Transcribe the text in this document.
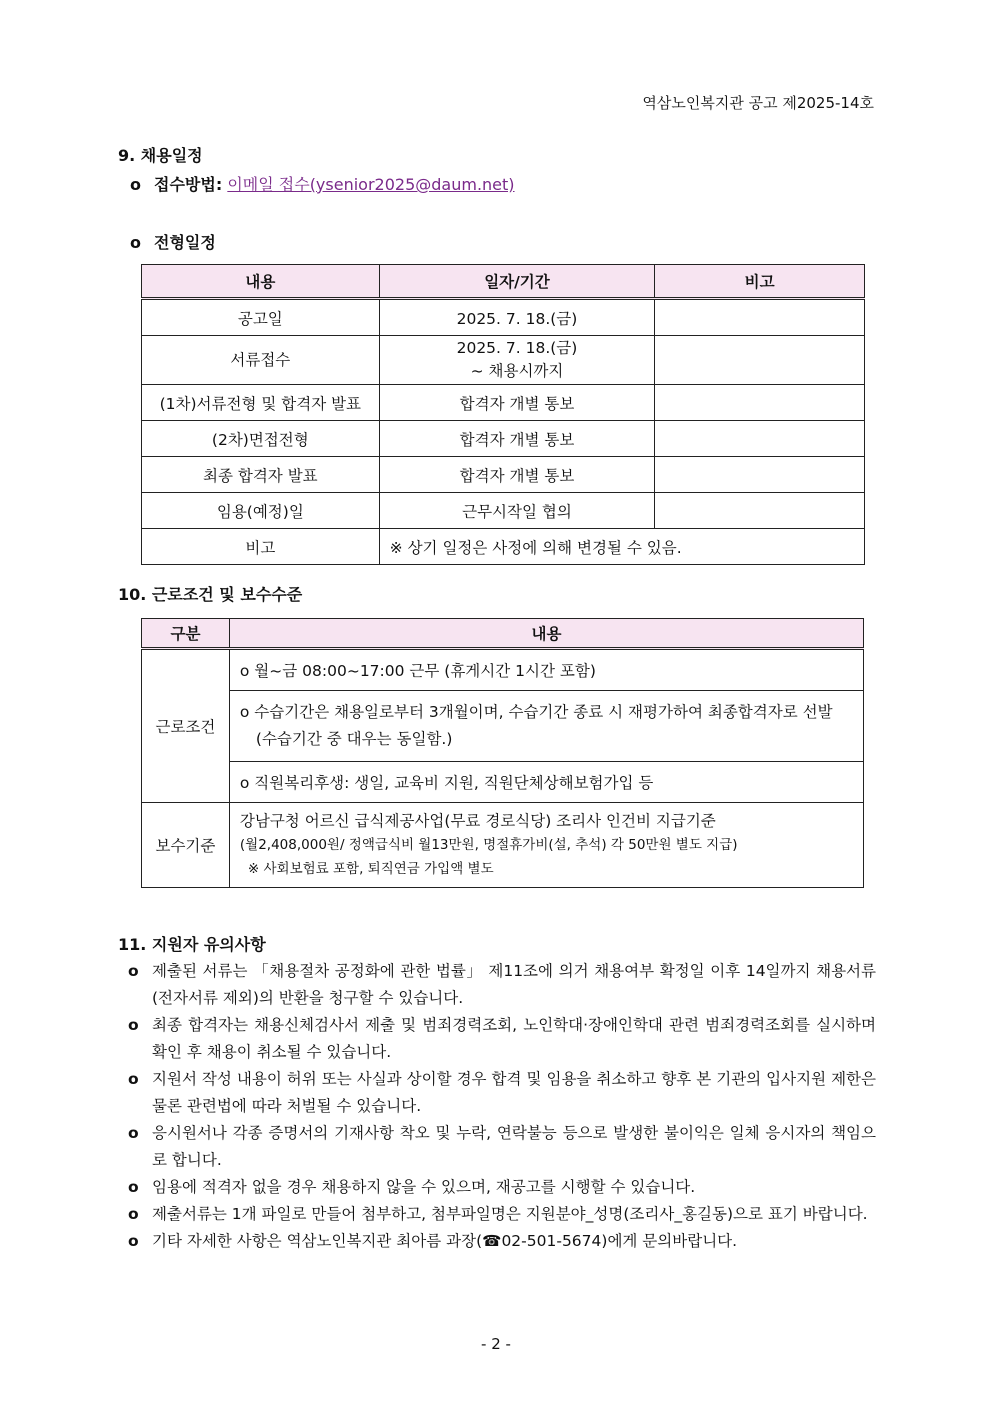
역삼노인복지관 공고 제2025-14호
9. 채용일정
o 접수방법: 이메일 접수(ysenior2025@daum.net)
o 전형일정
내용	일자/기간	비고
공고일	2025. 7. 18.(금)	
서류접수	2025. 7. 18.(금)
~ 채용시까지	

(1차)서류전형 및 합격자 발표	합격자 개별 통보	
(2차)면접전형	합격자 개별 통보	
최종 합격자 발표	합격자 개별 통보	
임용(예정)일	근무시작일 협의	
비고	※ 상기 일정은 사정에 의해 변경될 수 있음.	
10. 근로조건 및 보수수준
구분	내용
근로조건	o 월~금 08:00~17:00 근무 (휴게시간 1시간 포함)

	o 수습기간은 채용일로부터 3개월이며, 수습기간 종료 시 재평가하여 최종합격자로 선발
(수습기간 중 대우는 동일함.)

	o 직원복리후생: 생일, 교육비 지원, 직원단체상해보험가입 등
보수기준	강남구청 어르신 급식제공사업(무료 경로식당) 조리사 인건비 지급기준
(월2,408,000원/ 정액급식비 월13만원, 명절휴가비(설, 추석) 각 50만원 별도 지급)
※ 사회보험료 포함, 퇴직연금 가입액 별도
11. 지원자 유의사항
o 제출된 서류는 「채용절차 공정화에 관한 법률」 제11조에 의거 채용여부 확정일 이후 14일까지 채용서류(전자서류 제외)의 반환을 청구할 수 있습니다.
o 최종 합격자는 채용신체검사서 제출 및 범죄경력조회, 노인학대·장애인학대 관련 범죄경력조회를 실시하며 확인 후 채용이 취소될 수 있습니다.
o 지원서 작성 내용이 허위 또는 사실과 상이할 경우 합격 및 임용을 취소하고 향후 본 기관의 입사지원 제한은 물론 관련법에 따라 처벌될 수 있습니다.
o 응시원서나 각종 증명서의 기재사항 착오 및 누락, 연락불능 등으로 발생한 불이익은 일체 응시자의 책임으로 합니다.
o 임용에 적격자 없을 경우 채용하지 않을 수 있으며, 재공고를 시행할 수 있습니다.
o 제출서류는 1개 파일로 만들어 첨부하고, 첨부파일명은 지원분야_성명(조리사_홍길동)으로 표기 바랍니다.
o 기타 자세한 사항은 역삼노인복지관 최아름 과장(☎02-501-5674)에게 문의바랍니다.
- 2 -
